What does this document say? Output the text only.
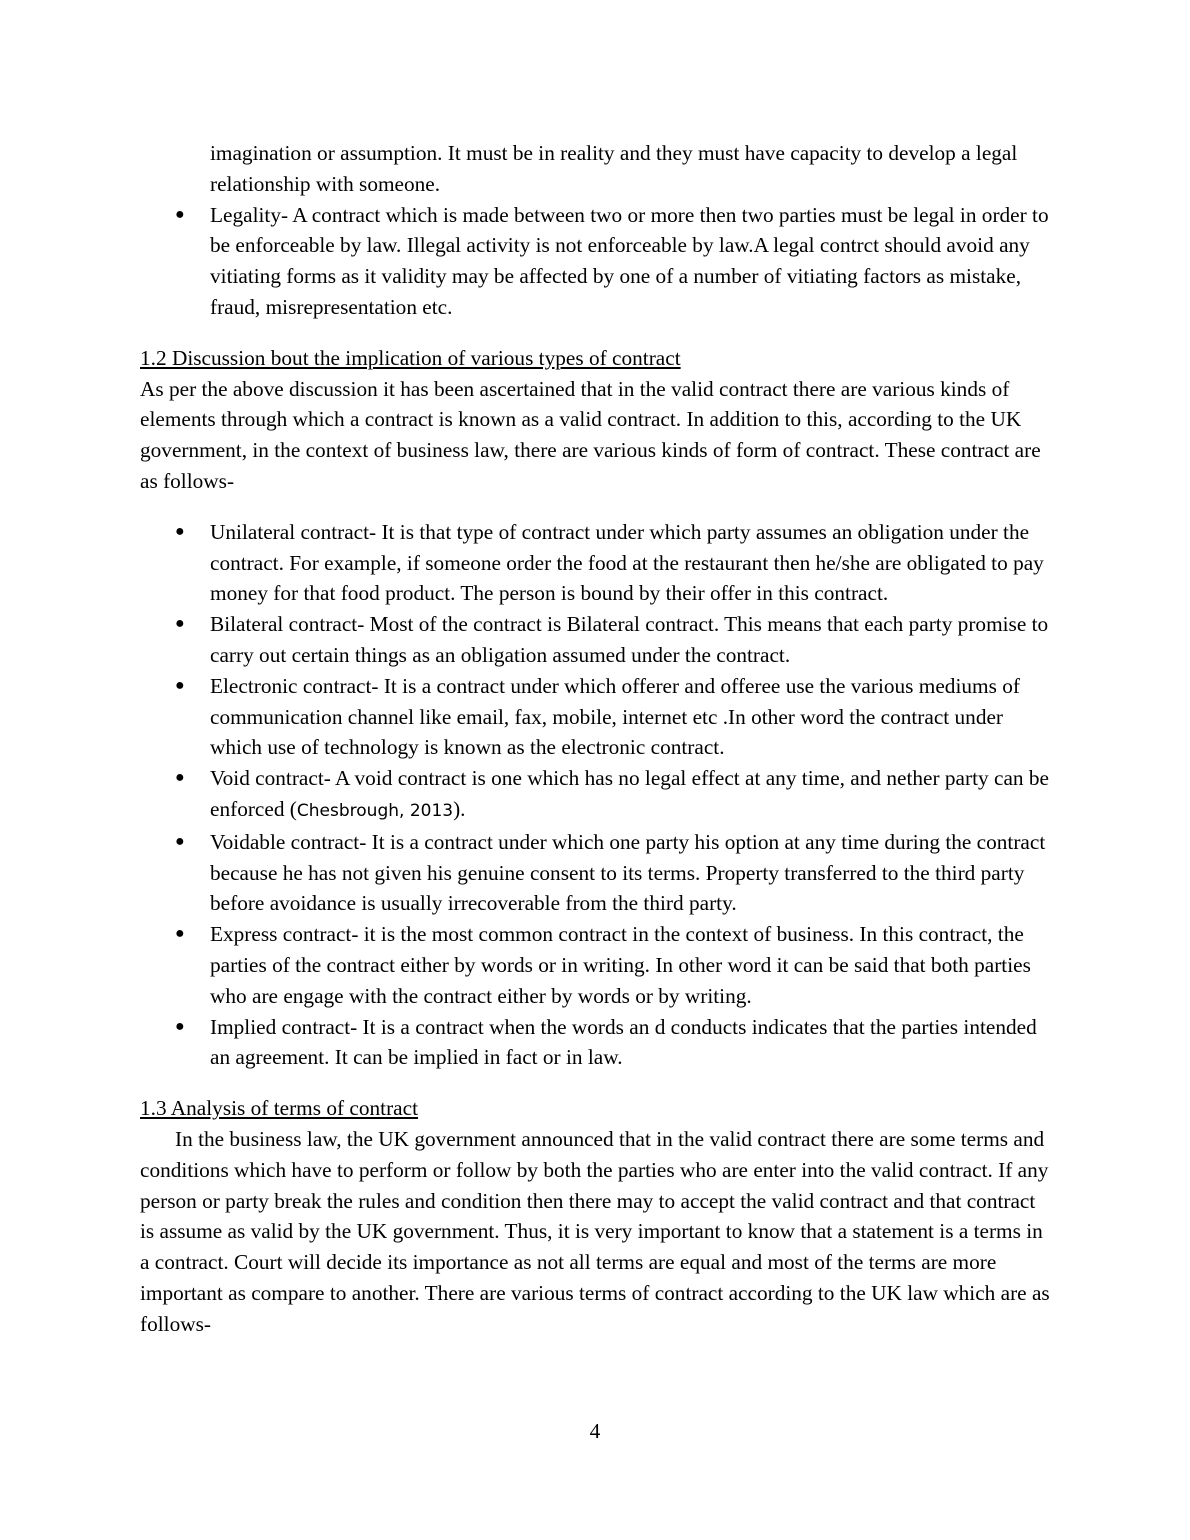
imagination or assumption. It must be in reality and they must have capacity to develop a legal relationship with someone.

● Legality- A contract which is made between two or more then two parties must be legal in order to be enforceable by law. Illegal activity is not enforceable by law.A legal contrct should avoid any vitiating forms as it validity may be affected by one of a number of vitiating factors as mistake, fraud, misrepresentation etc.
1.2 Discussion bout the implication of various types of contract

As per the above discussion it has been ascertained that in the valid contract there are various kinds of elements through which a contract is known as a valid contract. In addition to this, according to the UK government, in the context of business law, there are various kinds of form of contract. These contract are as follows-

● Unilateral contract- It is that type of contract under which party assumes an obligation under the contract. For example, if someone order the food at the restaurant then he/she are obligated to pay money for that food product. The person is bound by their offer in this contract.
● Bilateral contract- Most of the contract is Bilateral contract. This means that each party promise to carry out certain things as an obligation assumed under the contract.
● Electronic contract- It is a contract under which offerer and offeree use the various mediums of communication channel like email, fax, mobile, internet etc .In other word the contract under which use of technology is known as the electronic contract.
● Void contract- A void contract is one which has no legal effect at any time, and nether party can be enforced (Chesbrough, 2013).
● Voidable contract- It is a contract under which one party his option at any time during the contract because he has not given his genuine consent to its terms. Property transferred to the third party before avoidance is usually irrecoverable from the third party.
● Express contract- it is the most common contract in the context of business. In this contract, the parties of the contract either by words or in writing. In other word it can be said that both parties who are engage with the contract either by words or by writing.
● Implied contract- It is a contract when the words an d conducts indicates that the parties intended an agreement. It can be implied in fact or in law.
1.3 Analysis of terms of contract

In the business law, the UK government announced that in the valid contract there are some terms and conditions which have to perform or follow by both the parties who are enter into the valid contract. If any person or party break the rules and condition then there may to accept the valid contract and that contract is assume as valid by the UK government. Thus, it is very important to know that a statement is a terms in a contract. Court will decide its importance as not all terms are equal and most of the terms are more important as compare to another. There are various terms of contract according to the UK law which are as follows-

4
